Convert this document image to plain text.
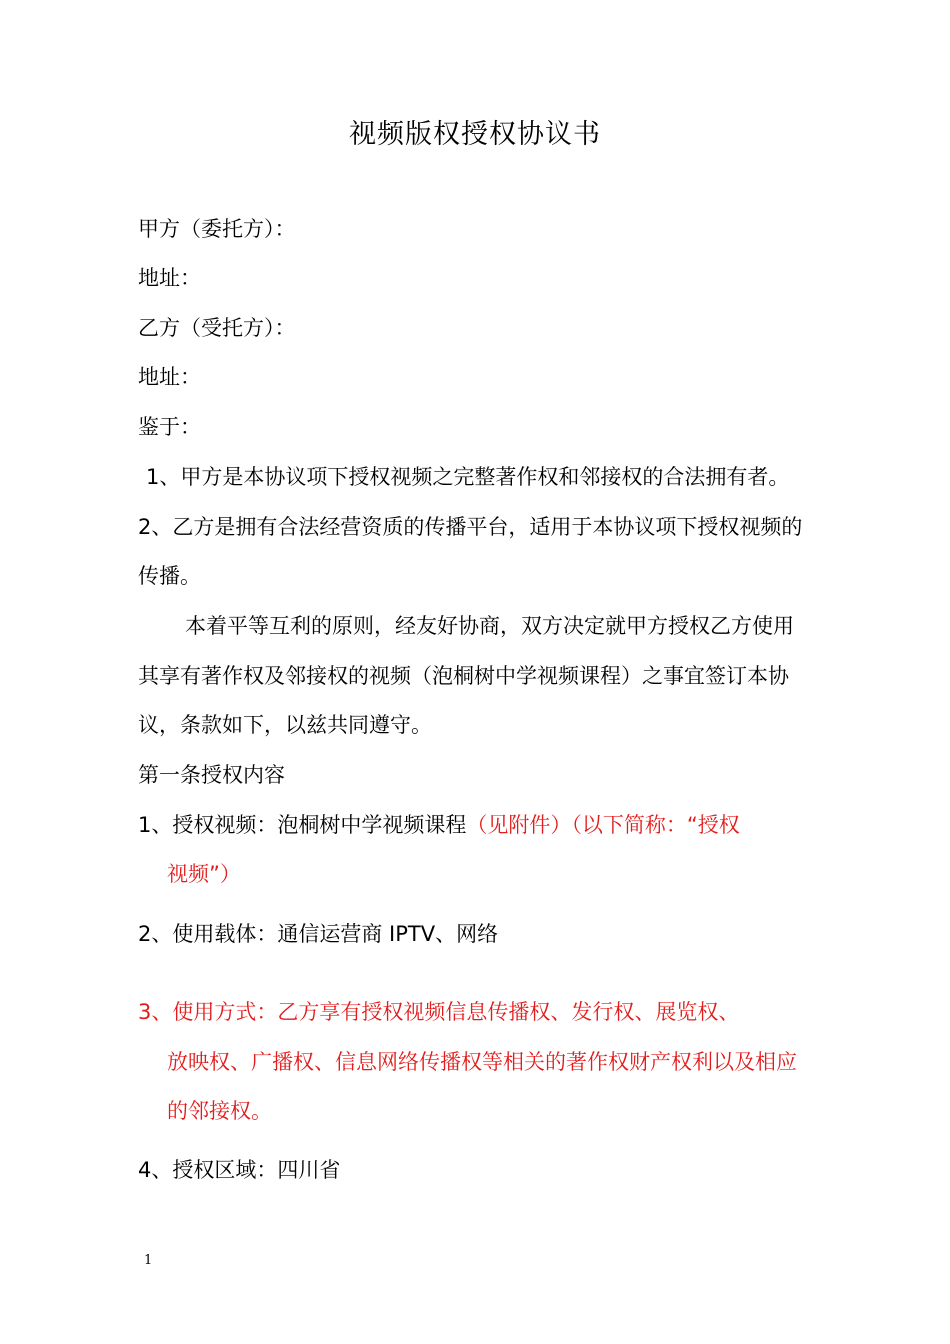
视频版权授权协议书
甲方（委托方）：
地址：
乙方（受托方）：
地址：
鉴于：
1、甲方是本协议项下授权视频之完整著作权和邻接权的合法拥有者。
2、乙方是拥有合法经营资质的传播平台，适用于本协议项下授权视频的
传播。
本着平等互利的原则，经友好协商，双方决定就甲方授权乙方使用
其享有著作权及邻接权的视频（泡桐树中学视频课程）之事宜签订本协
议，条款如下，以兹共同遵守。
第一条授权内容
1、授权视频：泡桐树中学视频课程（见附件）（以下简称：“授权
视频”）
2、使用载体：通信运营商 IPTV、网络
3、使用方式：乙方享有授权视频信息传播权、发行权、展览权、
放映权、广播权、信息网络传播权等相关的著作权财产权利以及相应
的邻接权。
4、授权区域：四川省
1
